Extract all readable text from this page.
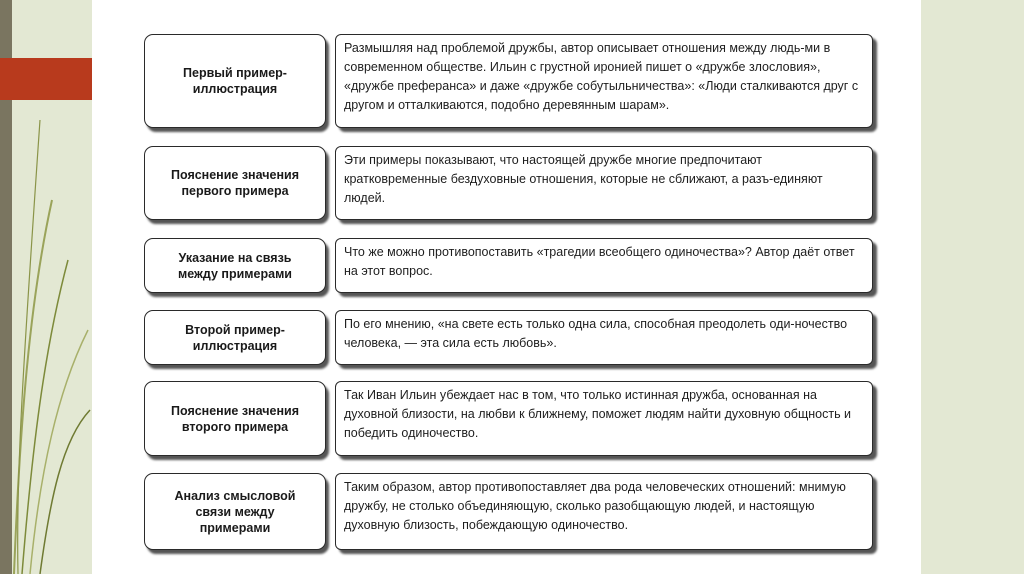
Первый пример-
иллюстрация
Размышляя над проблемой дружбы, автор описывает отношения между людь-ми в современном обществе. Ильин с грустной иронией пишет о «дружбе злословия», «дружбе преферанса» и даже «дружбе собутыльничества»: «Люди сталкиваются друг с другом и отталкиваются, подобно деревянным шарам».
Пояснение значения
первого примера
Эти примеры показывают, что настоящей дружбе многие предпочитают кратковременные бездуховные отношения, которые не сближают, а разъ-единяют людей.
Указание на связь
между примерами
Что же можно противопоставить «трагедии всеобщего одиночества»? Автор даёт ответ на этот вопрос.
Второй пример-
иллюстрация
По его мнению, «на свете есть только одна сила, способная преодолеть оди-ночество человека, — эта сила есть любовь».
Пояснение значения
второго примера
Так Иван Ильин убеждает нас в том, что только истинная дружба, основанная на духовной близости, на любви к ближнему, поможет людям найти духовную общность и победить одиночество.
Анализ смысловой
связи между
примерами
Таким образом, автор противопоставляет два рода человеческих отношений: мнимую дружбу, не столько объединяющую, сколько разобщающую людей, и настоящую духовную близость, побеждающую одиночество.
